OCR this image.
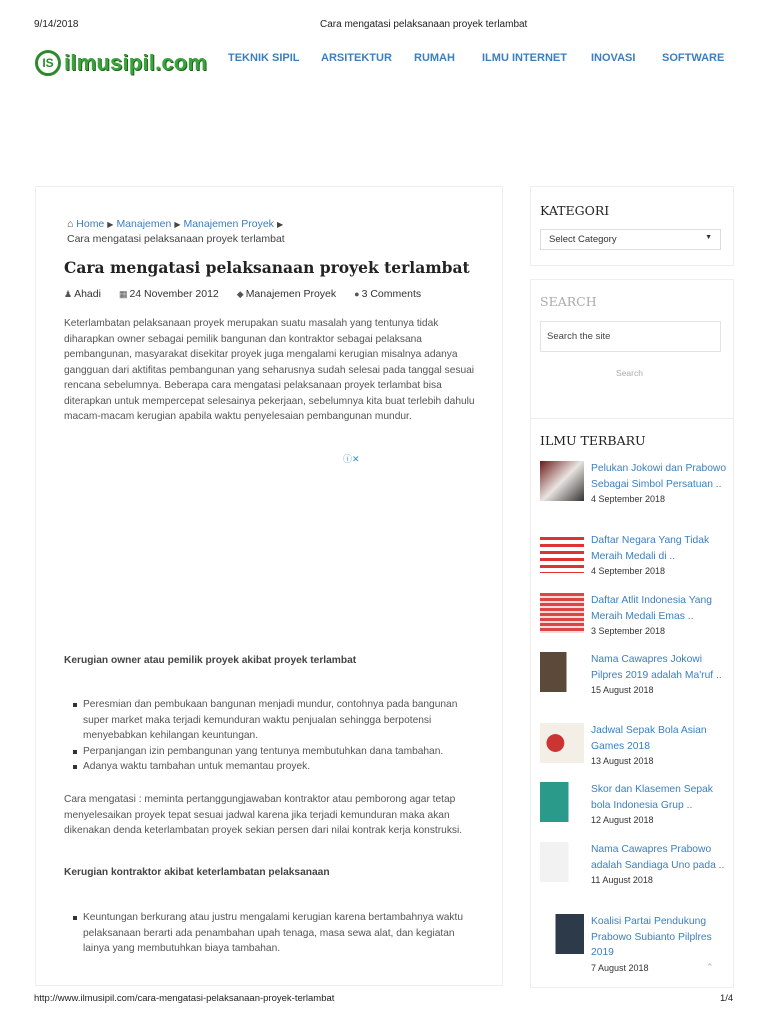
9/14/2018	Cara mengatasi pelaksanaan proyek terlambat
IS ilmusipil.com TEKNIK SIPIL ARSITEKTUR RUMAH ILMU INTERNET INOVASI SOFTWARE
⌂ Home ▶ Manajemen ▶ Manajemen Proyek ▶
Cara mengatasi pelaksanaan proyek terlambat
Cara mengatasi pelaksanaan proyek terlambat
♟ Ahadi ▦ 24 November 2012 ◆ Manajemen Proyek ● 3 Comments

Keterlambatan pelaksanaan proyek merupakan suatu masalah yang tentunya tidak diharapkan owner sebagai pemilik bangunan dan kontraktor sebagai pelaksana pembangunan, masyarakat disekitar proyek juga mengalami kerugian misalnya adanya gangguan dari aktifitas pembangunan yang seharusnya sudah selesai pada tanggal sesuai rencana sebelumnya. Beberapa cara mengatasi pelaksanaan proyek terlambat bisa diterapkan untuk mempercepat selesainya pekerjaan, sebelumnya kita buat terlebih dahulu macam-macam kerugian apabila waktu penyelesaian pembangunan mundur.

ⓘ✕
Kerugian owner atau pemilik proyek akibat proyek terlambat
Peresmian dan pembukaan bangunan menjadi mundur, contohnya pada bangunan super market maka terjadi kemunduran waktu penjualan sehingga berpotensi menyebabkan kehilangan keuntungan.
Perpanjangan izin pembangunan yang tentunya membutuhkan dana tambahan.
Adanya waktu tambahan untuk memantau proyek.

Cara mengatasi : meminta pertanggungjawaban kontraktor atau pemborong agar tetap menyelesaikan proyek tepat sesuai jadwal karena jika terjadi kemunduran maka akan dikenakan denda keterlambatan proyek sekian persen dari nilai kontrak kerja konstruksi.

Kerugian kontraktor akibat keterlambatan pelaksanaan
Keuntungan berkurang atau justru mengalami kerugian karena bertambahnya waktu pelaksanaan berarti ada penambahan upah tenaga, masa sewa alat, dan kegiatan lainya yang membutuhkan biaya tambahan.
KATEGORI
Select Category	▼
SEARCH
Search the site
Search
ILMU TERBARU
Pelukan Jokowi dan Prabowo Sebagai Simbol Persatuan ..
4 September 2018
Daftar Negara Yang Tidak Meraih Medali di ..
4 September 2018
Daftar Atlit Indonesia Yang Meraih Medali Emas ..
3 September 2018
Nama Cawapres Jokowi Pilpres 2019 adalah Ma'ruf ..
15 August 2018
Jadwal Sepak Bola Asian Games 2018
13 August 2018
Skor dan Klasemen Sepak bola Indonesia Grup ..
12 August 2018
Nama Cawapres Prabowo adalah Sandiaga Uno pada ..
11 August 2018
Koalisi Partai Pendukung Prabowo Subianto Pilplres 2019
7 August 2018	⌃
http://www.ilmusipil.com/cara-mengatasi-pelaksanaan-proyek-terlambat	1/4
